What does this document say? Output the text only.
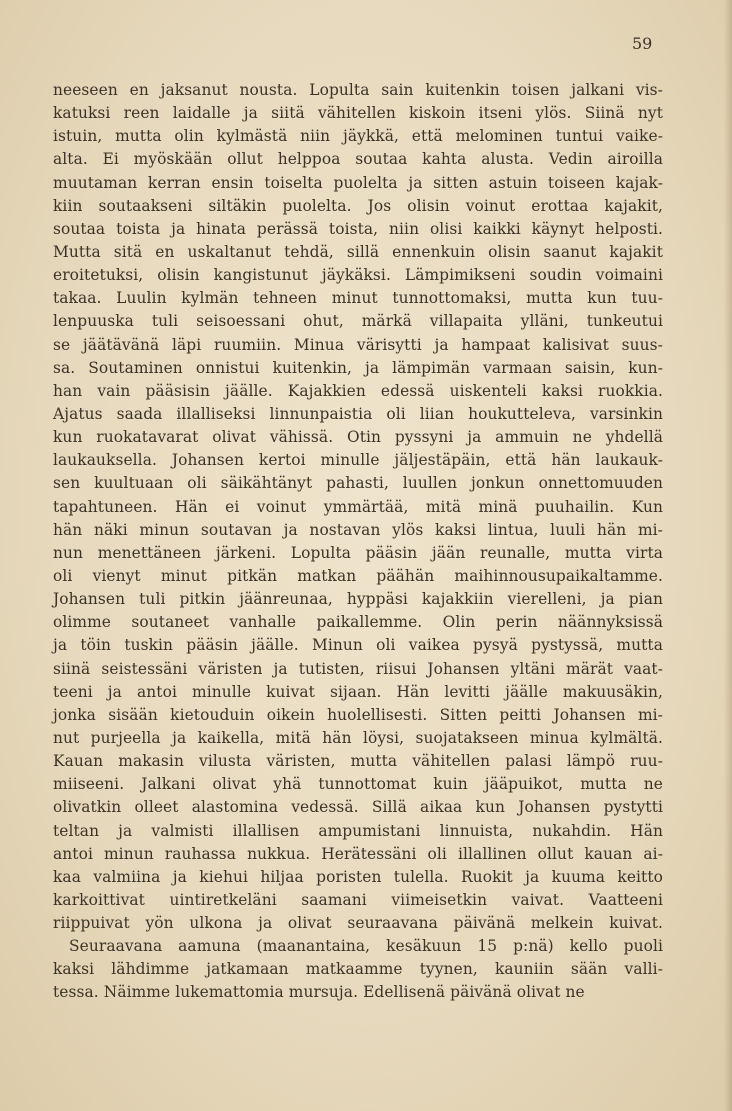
59
neeseen en jaksanut nousta. Lopulta sain kuitenkin toisen jalkani vis-
katuksi reen laidalle ja siitä vähitellen kiskoin itseni ylös. Siinä nyt
istuin, mutta olin kylmästä niin jäykkä, että melominen tuntui vaike-
alta. Ei myöskään ollut helppoa soutaa kahta alusta. Vedin airoilla
muutaman kerran ensin toiselta puolelta ja sitten astuin toiseen kajak-
kiin soutaakseni siltäkin puolelta. Jos olisin voinut erottaa kajakit,
soutaa toista ja hinata perässä toista, niin olisi kaikki käynyt helposti.
Mutta sitä en uskaltanut tehdä, sillä ennenkuin olisin saanut kajakit
eroitetuksi, olisin kangistunut jäykäksi. Lämpimikseni soudin voimaini
takaa. Luulin kylmän tehneen minut tunnottomaksi, mutta kun tuu-
lenpuuska tuli seisoessani ohut, märkä villapaita ylläni, tunkeutui
se jäätävänä läpi ruumiin. Minua värisytti ja hampaat kalisivat suus-
sa. Soutaminen onnistui kuitenkin, ja lämpimän varmaan saisin, kun-
han vain pääsisin jäälle. Kajakkien edessä uiskenteli kaksi ruokkia.
Ajatus saada illalliseksi linnunpaistia oli liian houkutteleva, varsinkin
kun ruokatavarat olivat vähissä. Otin pyssyni ja ammuin ne yhdellä
laukauksella. Johansen kertoi minulle jäljestäpäin, että hän laukauk-
sen kuultuaan oli säikähtänyt pahasti, luullen jonkun onnettomuuden
tapahtuneen. Hän ei voinut ymmärtää, mitä minä puuhailin. Kun
hän näki minun soutavan ja nostavan ylös kaksi lintua, luuli hän mi-
nun menettäneen järkeni. Lopulta pääsin jään reunalle, mutta virta
oli vienyt minut pitkän matkan päähän maihinnousupaikaltamme.
Johansen tuli pitkin jäänreunaa, hyppäsi kajakkiin vierelleni, ja pian
olimme soutaneet vanhalle paikallemme. Olin perin näännyksissä
ja töin tuskin pääsin jäälle. Minun oli vaikea pysyä pystyssä, mutta
siinä seistessäni väristen ja tutisten, riisui Johansen yltäni märät vaat-
teeni ja antoi minulle kuivat sijaan. Hän levitti jäälle makuusäkin,
jonka sisään kietouduin oikein huolellisesti. Sitten peitti Johansen mi-
nut purjeella ja kaikella, mitä hän löysi, suojatakseen minua kylmältä.
Kauan makasin vilusta väristen, mutta vähitellen palasi lämpö ruu-
miiseeni. Jalkani olivat yhä tunnottomat kuin jääpuikot, mutta ne
olivatkin olleet alastomina vedessä. Sillä aikaa kun Johansen pystytti
teltan ja valmisti illallisen ampumistani linnuista, nukahdin. Hän
antoi minun rauhassa nukkua. Herätessäni oli illallinen ollut kauan ai-
kaa valmiina ja kiehui hiljaa poristen tulella. Ruokit ja kuuma keitto
karkoittivat uintiretkeläni saamani viimeisetkin vaivat. Vaatteeni
riippuivat yön ulkona ja olivat seuraavana päivänä melkein kuivat.
Seuraavana aamuna (maanantaina, kesäkuun 15 p:nä) kello puoli
kaksi lähdimme jatkamaan matkaamme tyynen, kauniin sään valli-
tessa. Näimme lukemattomia mursuja. Edellisenä päivänä olivat ne
